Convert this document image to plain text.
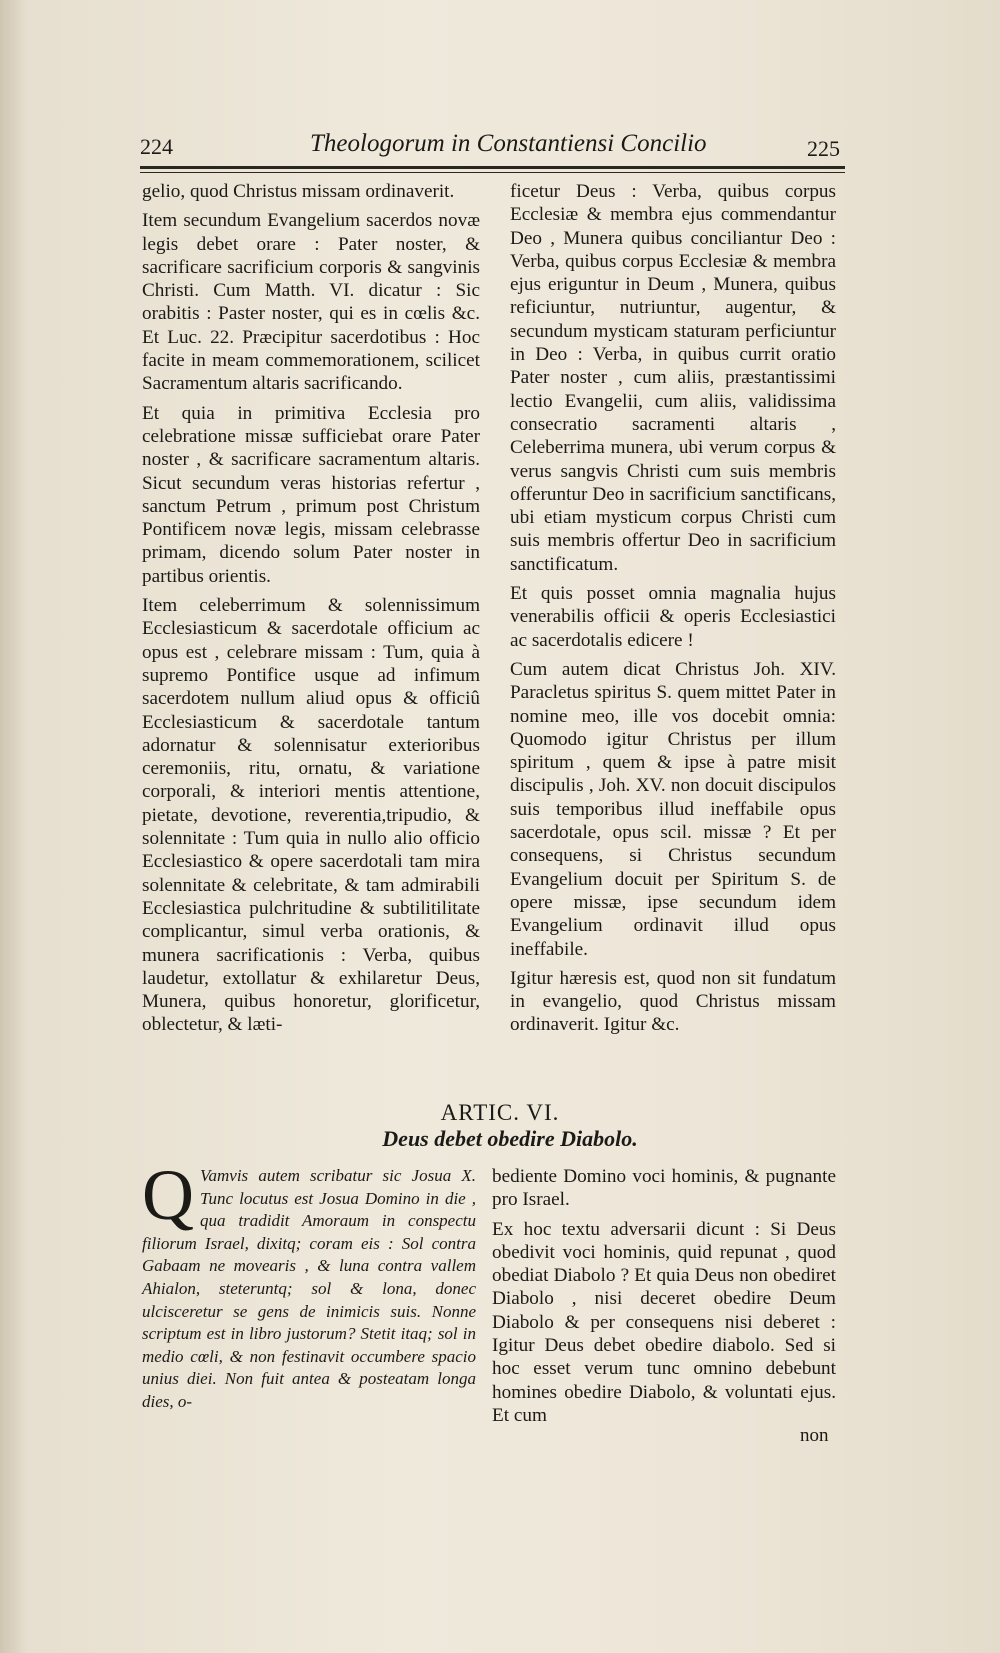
224	Theologorum in Constantiensi Concilio	225

gelio, quod Christus missam ordinaverit.

Item secundum Evangelium sacerdos novæ legis debet orare : Pater noster, & sacrificare sacrificium corporis & sangvinis Christi. Cum Matth. VI. dicatur : Sic orabitis : Paster noster, qui es in cœlis &c. Et Luc. 22. Præcipitur sacerdotibus : Hoc facite in meam commemorationem, scilicet Sacramentum altaris sacrificando.

Et quia in primitiva Ecclesia pro celebratione missæ sufficiebat orare Pater noster , & sacrificare sacramentum altaris. Sicut secundum veras historias refertur , sanctum Petrum , primum post Christum Pontificem novæ legis, missam celebrasse primam, dicendo solum Pater noster in partibus orientis.

Item celeberrimum & solennissimum Ecclesiasticum & sacerdotale officium ac opus est , celebrare missam : Tum, quia à supremo Pontifice usque ad infimum sacerdotem nullum aliud opus & officiû Ecclesiasticum & sacerdotale tantum adornatur & solennisatur exterioribus ceremoniis, ritu, ornatu, & variatione corporali, & interiori mentis attentione, pietate, devotione, reverentia,tripudio, & solennitate : Tum quia in nullo alio officio Ecclesiastico & opere sacerdotali tam mira solennitate & celebritate, & tam admirabili Ecclesiastica pulchritudine & subtilitilitate complicantur, simul verba orationis, & munera sacrificationis : Verba, quibus laudetur, extollatur & exhilaretur Deus, Munera, quibus honoretur, glorificetur, oblectetur, & læti-

ficetur Deus : Verba, quibus corpus Ecclesiæ & membra ejus commendantur Deo , Munera quibus conciliantur Deo : Verba, quibus corpus Ecclesiæ & membra ejus eriguntur in Deum , Munera, quibus reficiuntur, nutriuntur, augentur, & secundum mysticam staturam perficiuntur in Deo : Verba, in quibus currit oratio Pater noster , cum aliis, præstantissimi lectio Evangelii, cum aliis, validissima consecratio sacramenti altaris , Celeberrima munera, ubi verum corpus & verus sangvis Christi cum suis membris offeruntur Deo in sacrificium sanctificans, ubi etiam mysticum corpus Christi cum suis membris offertur Deo in sacrificium sanctificatum.

Et quis posset omnia magnalia hujus venerabilis officii & operis Ecclesiastici ac sacerdotalis edicere !

Cum autem dicat Christus Joh. XIV. Paracletus spiritus S. quem mittet Pater in nomine meo, ille vos docebit omnia: Quomodo igitur Christus per illum spiritum , quem & ipse à patre misit discipulis , Joh. XV. non docuit discipulos suis temporibus illud ineffabile opus sacerdotale, opus scil. missæ ? Et per consequens, si Christus secundum Evangelium docuit per Spiritum S. de opere missæ, ipse secundum idem Evangelium ordinavit illud opus ineffabile.

Igitur hæresis est, quod non sit fundatum in evangelio, quod Christus missam ordinaverit. Igitur &c.

ARTIC. VI.
Deus debet obedire Diabolo.

Q Vamvis autem scribatur sic Josua X. Tunc locutus est Josua Domino in die , qua tradidit Amoraum in conspectu filiorum Israel, dixitq; coram eis : Sol contra Gabaam ne movearis , & luna contra vallem Ahialon, steteruntq; sol & lona, donec ulcisceretur se gens de inimicis suis. Nonne scriptum est in libro justorum? Stetit itaq; sol in medio cœli, & non festinavit occumbere spacio unius diei. Non fuit antea & posteatam longa dies, o-

bediente Domino voci hominis, & pugnante pro Israel.

Ex hoc textu adversarii dicunt : Si Deus obedivit voci hominis, quid repunat , quod obediat Diabolo ? Et quia Deus non obediret Diabolo , nisi deceret obedire Deum Diabolo & per consequens nisi deberet : Igitur Deus debet obedire diabolo. Sed si hoc esset verum tunc omnino debebunt homines obedire Diabolo, & voluntati ejus. Et cum

non
